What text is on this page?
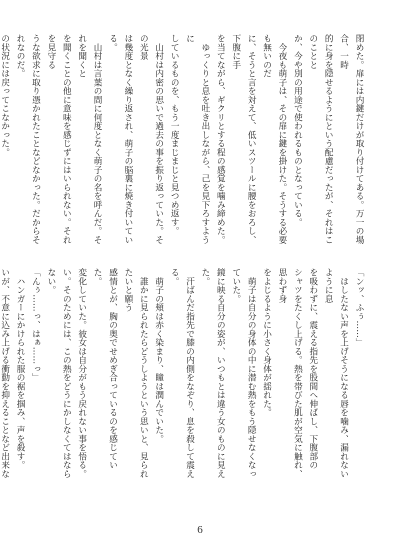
閉めた。扉には内鍵だけが取り付けてある。万一の場合、一時
的に身を隠せるようにという配慮だったが、それはこのことと
か、今や別の用途で使われるものとなっている。
　今夜も萌子は、その扉に鍵を掛けた。そうする必要も無いのだ
に、そうと言を対えて、低いスツールに腰をおろし、下腹に手
を当てながら、ギクリとする程の感覚を噛み締めた。
　ゆっくりと息を吐き出しながら、己を見下ろすように
しているものを、もう一度まじまじと見つめ返す。
　山村は内密の思いで過去の事を振り返っていた。その光景
は幾度となく繰り返され、萌子の脳裏に焼き付いている。
　山村は言葉の間に何度となく萌子の名を呼んだ。それを聞くと
を聞くことの他に意味を感じずにはいられない。それを見守る
うな欲求に取り憑かれたことなどなかった。だからそれなのだ。
の状況には戻ってこなかった。
「ンッ、ふぅ……」
　はしたない声を上げそうになる唇を噛み、漏れないように息
を吸わずに、震える指先を股間へ伸ばし、下腹部の
シャツをたくし上げる。熱を帯びた肌が空気に触れ、思わず身
をよじるように小さく身体が揺れた。
　萌子は自分の身体の中に潜む熱をもう隠せなくなっていた。
鏡に映る自分の姿が、いつもとは違う女のものに見えた。
　汗ばんだ指先で膝の内側をなぞり、息を殺して震える。
　萌子の頬は赤く染まり、瞳は潤んでいた。
　誰かに見られたらどうしようという思いと、見られたいと願う
感情とが、胸の奥でせめぎ合っているのを感じていた。
変化していた。彼女は自分がもう戻れない事を悟る。
い。そのためには、この熱をどうにかしなくてはならない。
「んぅ……っ、はぁ……っ」
　ハンガーにかけられた服の裾を掴み、声を殺す。
いが、不意に込み上げる衝動を抑えることなど出来な
6
